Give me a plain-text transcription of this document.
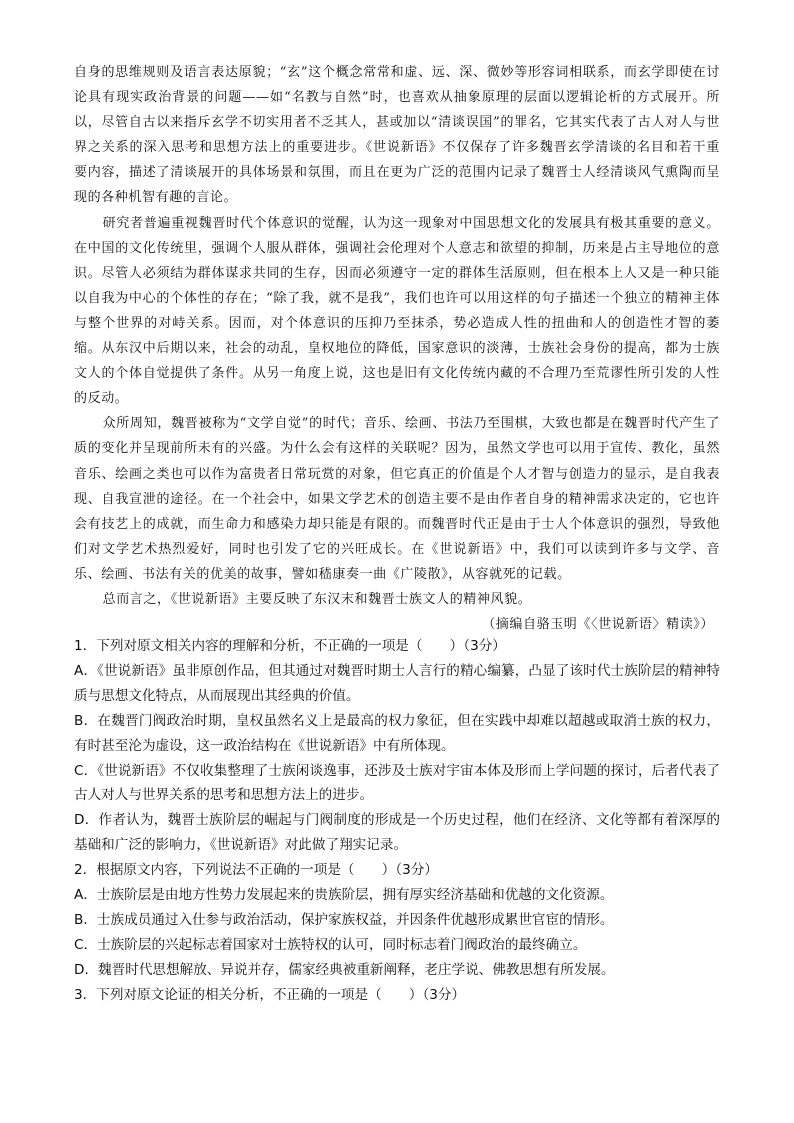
自身的思维规则及语言表达原貌；“玄”这个概念常常和虚、远、深、微妙等形容词相联系，而玄学即使在讨论具有现实政治背景的问题——如“名教与自然”时，也喜欢从抽象原理的层面以逻辑论析的方式展开。所以，尽管自古以来指斥玄学不切实用者不乏其人，甚或加以“清谈误国”的罪名，它其实代表了古人对人与世界之关系的深入思考和思想方法上的重要进步。《世说新语》不仅保存了许多魏晋玄学清谈的名目和若干重要内容，描述了清谈展开的具体场景和氛围，而且在更为广泛的范围内记录了魏晋士人经清谈风气熏陶而呈现的各种机智有趣的言论。

研究者普遍重视魏晋时代个体意识的觉醒，认为这一现象对中国思想文化的发展具有极其重要的意义。在中国的文化传统里，强调个人服从群体，强调社会伦理对个人意志和欲望的抑制，历来是占主导地位的意识。尽管人必须结为群体谋求共同的生存，因而必须遵守一定的群体生活原则，但在根本上人又是一种只能以自我为中心的个体性的存在；“除了我，就不是我”，我们也许可以用这样的句子描述一个独立的精神主体与整个世界的对峙关系。因而，对个体意识的压抑乃至抹杀，势必造成人性的扭曲和人的创造性才智的萎缩。从东汉中后期以来，社会的动乱，皇权地位的降低，国家意识的淡薄，士族社会身份的提高，都为士族文人的个体自觉提供了条件。从另一角度上说，这也是旧有文化传统内藏的不合理乃至荒谬性所引发的人性的反动。

众所周知，魏晋被称为“文学自觉”的时代；音乐、绘画、书法乃至围棋，大致也都是在魏晋时代产生了质的变化并呈现前所未有的兴盛。为什么会有这样的关联呢？因为，虽然文学也可以用于宣传、教化，虽然音乐、绘画之类也可以作为富贵者日常玩赏的对象，但它真正的价值是个人才智与创造力的显示，是自我表现、自我宣泄的途径。在一个社会中，如果文学艺术的创造主要不是由作者自身的精神需求决定的，它也许会有技艺上的成就，而生命力和感染力却只能是有限的。而魏晋时代正是由于士人个体意识的强烈，导致他们对文学艺术热烈爱好，同时也引发了它的兴旺成长。在《世说新语》中，我们可以读到许多与文学、音乐、绘画、书法有关的优美的故事，譬如嵇康奏一曲《广陵散》，从容就死的记载。

总而言之，《世说新语》主要反映了东汉末和魏晋士族文人的精神风貌。

（摘编自骆玉明《〈世说新语〉精读》）

1．下列对原文相关内容的理解和分析，不正确的一项是（　　）（3分）

A．《世说新语》虽非原创作品，但其通过对魏晋时期士人言行的精心编纂，凸显了该时代士族阶层的精神特质与思想文化特点，从而展现出其经典的价值。

B．在魏晋门阀政治时期，皇权虽然名义上是最高的权力象征，但在实践中却难以超越或取消士族的权力，有时甚至沦为虚设，这一政治结构在《世说新语》中有所体现。

C．《世说新语》不仅收集整理了士族闲谈逸事，还涉及士族对宇宙本体及形而上学问题的探讨，后者代表了古人对人与世界关系的思考和思想方法上的进步。

D．作者认为，魏晋士族阶层的崛起与门阀制度的形成是一个历史过程，他们在经济、文化等都有着深厚的基础和广泛的影响力，《世说新语》对此做了翔实记录。

2．根据原文内容，下列说法不正确的一项是（　　）（3分）

A．士族阶层是由地方性势力发展起来的贵族阶层，拥有厚实经济基础和优越的文化资源。

B．士族成员通过入仕参与政治活动，保护家族权益，并因条件优越形成累世官宦的情形。

C．士族阶层的兴起标志着国家对士族特权的认可，同时标志着门阀政治的最终确立。

D．魏晋时代思想解放、异说并存，儒家经典被重新阐释，老庄学说、佛教思想有所发展。

3．下列对原文论证的相关分析，不正确的一项是（　　）（3分）
